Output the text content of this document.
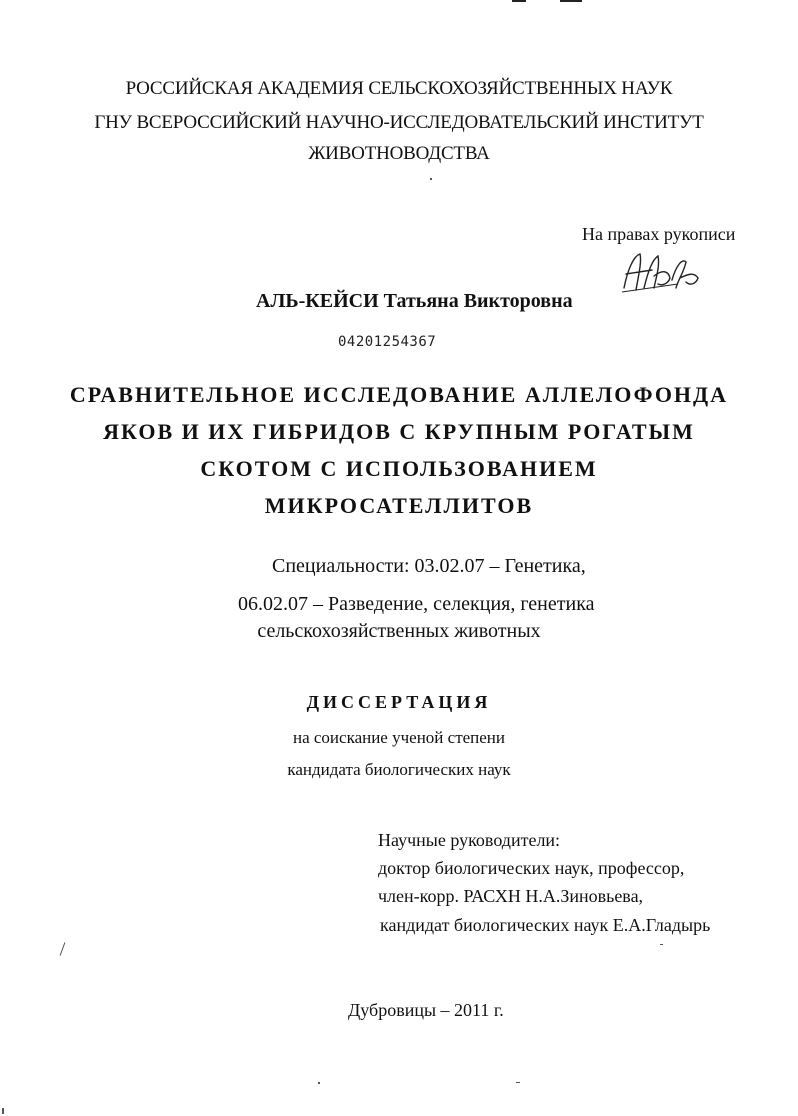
РОССИЙСКАЯ АКАДЕМИЯ СЕЛЬСКОХОЗЯЙСТВЕННЫХ НАУК
ГНУ ВСЕРОССИЙСКИЙ НАУЧНО-ИССЛЕДОВАТЕЛЬСКИЙ ИНСТИТУТ
ЖИВОТНОВОДСТВА
На правах рукописи
АЛЬ-КЕЙСИ Татьяна Викторовна
04201254367
СРАВНИТЕЛЬНОЕ ИССЛЕДОВАНИЕ АЛЛЕЛОФОНДА
ЯКОВ И ИХ ГИБРИДОВ С КРУПНЫМ РОГАТЫМ
СКОТОМ С ИСПОЛЬЗОВАНИЕМ
МИКРОСАТЕЛЛИТОВ
Специальности: 03.02.07 – Генетика,
06.02.07 – Разведение, селекция, генетика
сельскохозяйственных животных
ДИССЕРТАЦИЯ
на соискание ученой степени
кандидата биологических наук
Научные руководители:
доктор биологических наук, профессор,
член-корр. РАСХН Н.А.Зиновьева,
кандидат биологических наук Е.А.Гладырь
Дубровицы – 2011 г.
